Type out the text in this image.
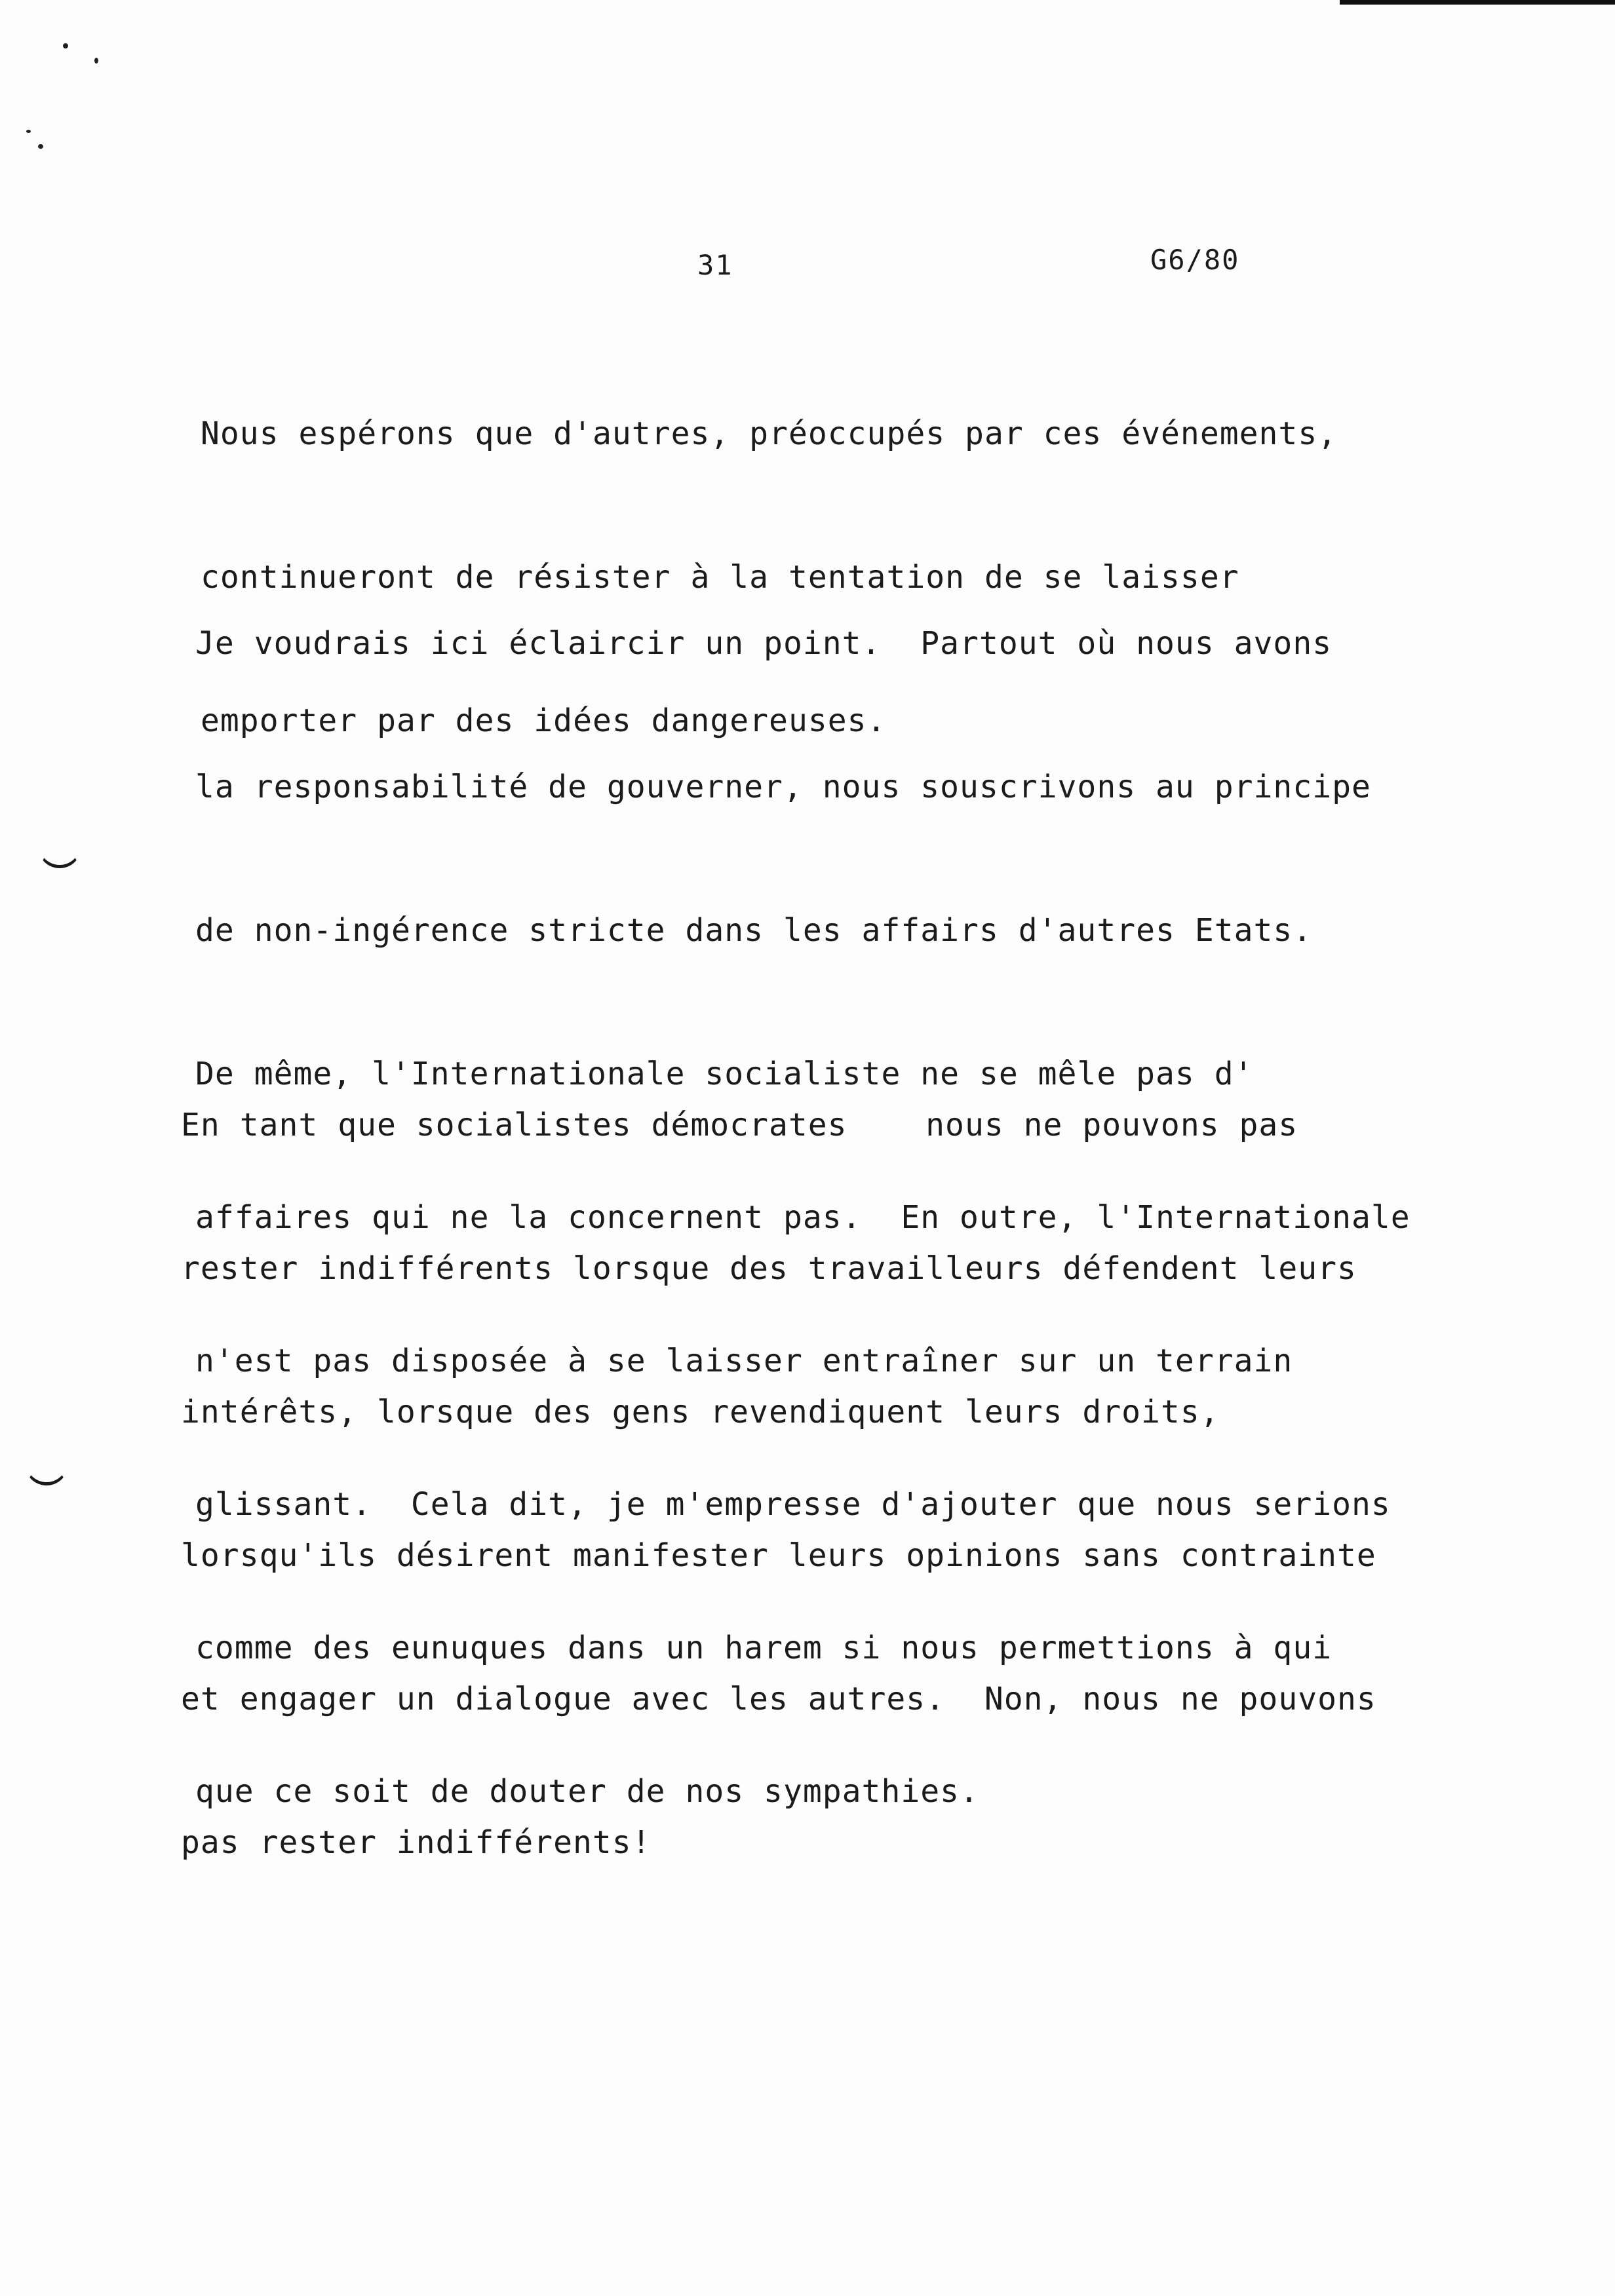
31	G6/80

Nous espérons que d'autres, préoccupés par ces événements,

continueront de résister à la tentation de se laisser

emporter par des idées dangereuses.

Je voudrais ici éclaircir un point.  Partout où nous avons

la responsabilité de gouverner, nous souscrivons au principe

de non-ingérence stricte dans les affairs d'autres Etats.

De même, l'Internationale socialiste ne se mêle pas d'

affaires qui ne la concernent pas.  En outre, l'Internationale

n'est pas disposée à se laisser entraîner sur un terrain

glissant.  Cela dit, je m'empresse d'ajouter que nous serions

comme des eunuques dans un harem si nous permettions à qui

que ce soit de douter de nos sympathies.

En tant que socialistes démocrates    nous ne pouvons pas

rester indifférents lorsque des travailleurs défendent leurs

intérêts, lorsque des gens revendiquent leurs droits,

lorsqu'ils désirent manifester leurs opinions sans contrainte

et engager un dialogue avec les autres.  Non, nous ne pouvons

pas rester indifférents!
